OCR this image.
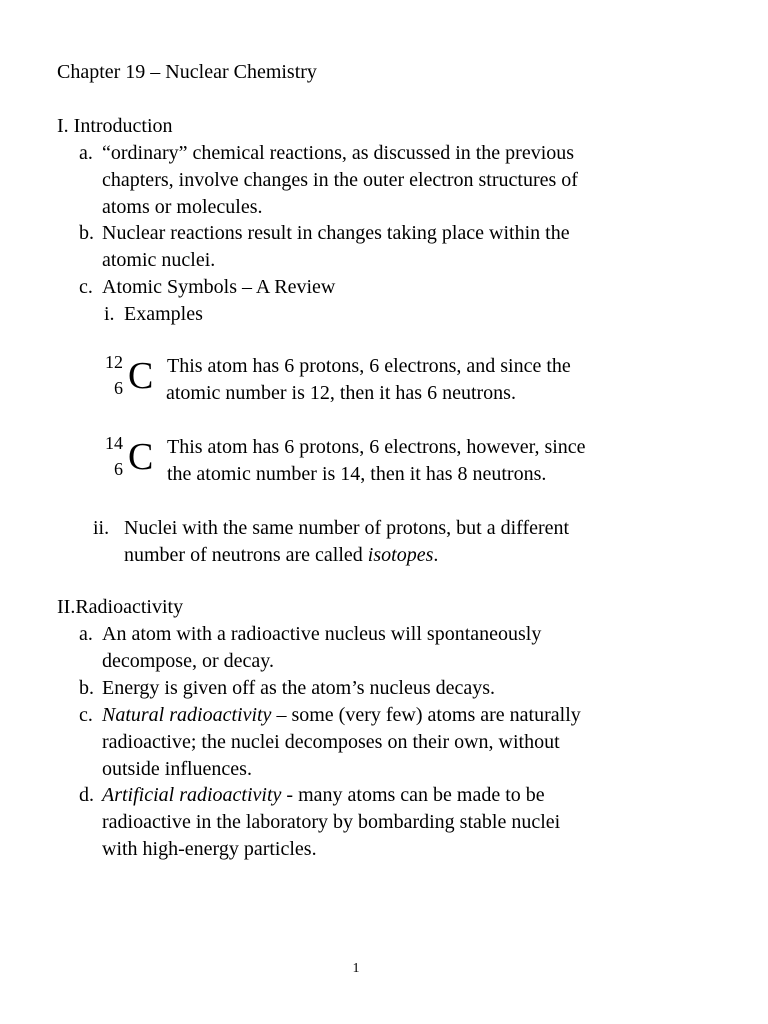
Chapter 19 – Nuclear Chemistry
I. Introduction
a. “ordinary” chemical reactions, as discussed in the previous
chapters, involve changes in the outer electron structures of
atoms or molecules.
b. Nuclear reactions result in changes taking place within the
atomic nuclei.
c. Atomic Symbols – A Review
i. Examples
12
6 C This atom has 6 protons, 6 electrons, and since the
atomic number is 12, then it has 6 neutrons.
14
6 C This atom has 6 protons, 6 electrons, however, since
the atomic number is 14, then it has 8 neutrons.
ii. Nuclei with the same number of protons, but a different
number of neutrons are called isotopes.
II.Radioactivity
a. An atom with a radioactive nucleus will spontaneously
decompose, or decay.
b. Energy is given off as the atom’s nucleus decays.
c. Natural radioactivity – some (very few) atoms are naturally
radioactive; the nuclei decomposes on their own, without
outside influences.
d. Artificial radioactivity - many atoms can be made to be
radioactive in the laboratory by bombarding stable nuclei
with high-energy particles.
1
